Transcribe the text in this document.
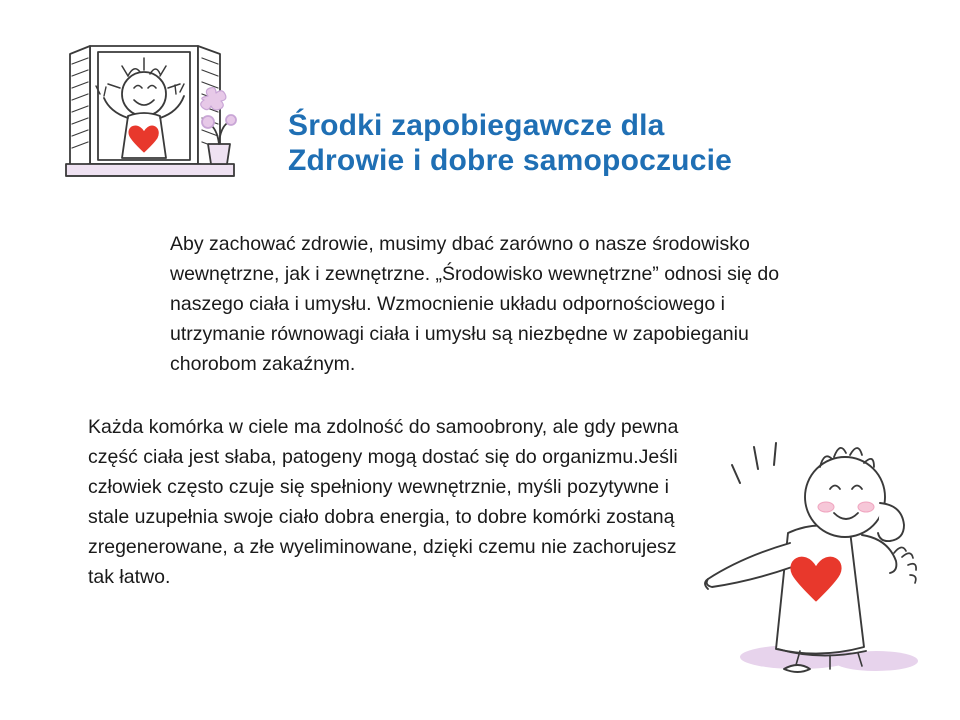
Środki zapobiegawcze dla
Zdrowie i dobre samopoczucie
Aby zachować zdrowie, musimy dbać zarówno o nasze środowisko wewnętrzne, jak i zewnętrzne. „Środowisko wewnętrzne” odnosi się do naszego ciała i umysłu. Wzmocnienie układu odpornościowego i utrzymanie równowagi ciała i umysłu są niezbędne w zapobieganiu chorobom zakaźnym.
Każda komórka w ciele ma zdolność do samoobrony, ale gdy pewna część ciała jest słaba, patogeny mogą dostać się do organizmu.Jeśli człowiek często czuje się spełniony wewnętrznie, myśli pozytywne i stale uzupełnia swoje ciało dobra energia, to dobre komórki zostaną zregenerowane, a złe wyeliminowane, dzięki czemu nie zachorujesz tak łatwo.
